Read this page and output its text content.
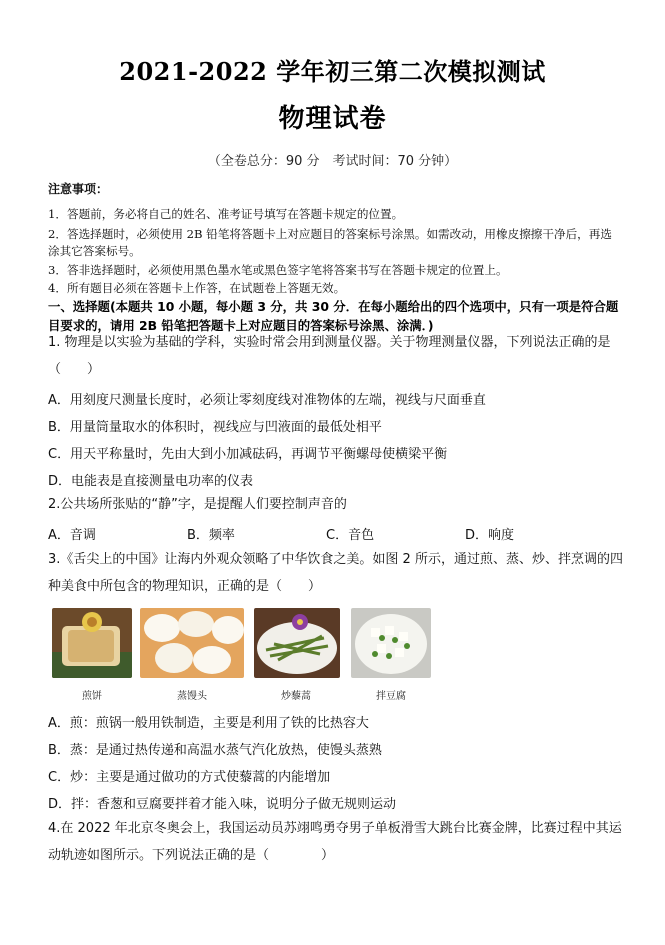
2021-2022 学年初三第二次模拟测试
物理试卷
（全卷总分：90 分　考试时间：70 分钟）
注意事项：
1．答题前，务必将自己的姓名、准考证号填写在答题卡规定的位置。
2．答选择题时，必须使用 2B 铅笔将答题卡上对应题目的答案标号涂黑。如需改动，用橡皮擦擦干净后，再选涂其它答案标号。
3．答非选择题时，必须使用黑色墨水笔或黑色签字笔将答案书写在答题卡规定的位置上。
4．所有题目必须在答题卡上作答，在试题卷上答题无效。
一、选择题(本题共 10 小题，每小题 3 分，共 30 分．在每小题给出的四个选项中，只有一项是符合题目要求的，请用 2B 铅笔把答题卡上对应题目的答案标号涂黑、涂满．)
1. 物理是以实验为基础的学科，实验时常会用到测量仪器。关于物理测量仪器，下列说法正确的是（　　）
A．用刻度尺测量长度时，必须让零刻度线对准物体的左端，视线与尺面垂直
B．用量筒量取水的体积时，视线应与凹液面的最低处相平
C．用天平称量时，先由大到小加减砝码，再调节平衡螺母使横梁平衡
D．电能表是直接测量电功率的仪表
2.公共场所张贴的“静”字，是提醒人们要控制声音的
A．音调	B．频率	C．音色	D．响度
3.《舌尖上的中国》让海内外观众领略了中华饮食之美。如图 2 所示，通过煎、蒸、炒、拌烹调的四种美食中所包含的物理知识，正确的是（　　）
煎饼	蒸馒头	炒藜蒿	拌豆腐
A．煎：煎锅一般用铁制造，主要是利用了铁的比热容大
B．蒸：是通过热传递和高温水蒸气汽化放热，使馒头蒸熟
C．炒：主要是通过做功的方式使藜蒿的内能增加
D．拌：香葱和豆腐要拌着才能入味，说明分子做无规则运动
4.在 2022 年北京冬奥会上，我国运动员苏翊鸣勇夺男子单板滑雪大跳台比赛金牌，比赛过程中其运动轨迹如图所示。下列说法正确的是（　　　　）
